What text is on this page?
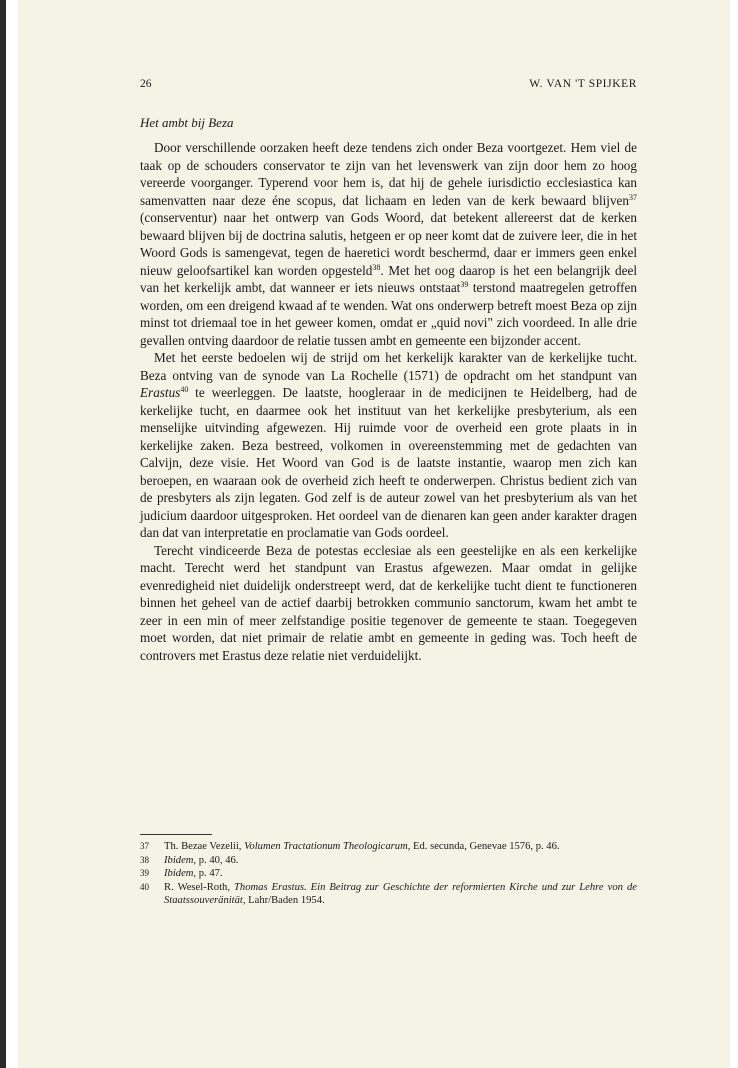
26	W. VAN 'T SPIJKER
Het ambt bij Beza

Door verschillende oorzaken heeft deze tendens zich onder Beza voortgezet. Hem viel de taak op de schouders conservator te zijn van het levenswerk van zijn door hem zo hoog vereerde voorganger. Typerend voor hem is, dat hij de gehele iurisdictio ecclesiastica kan samenvatten naar deze éne scopus, dat lichaam en leden van de kerk bewaard blijven$^{37}$ (conserventur) naar het ontwerp van Gods Woord, dat betekent allereerst dat de kerken bewaard blijven bij de doctrina salutis, hetgeen er op neer komt dat de zuivere leer, die in het Woord Gods is samengevat, tegen de haeretici wordt beschermd, daar er immers geen enkel nieuw geloofsartikel kan worden opgesteld$^{38}$. Met het oog daarop is het een belangrijk deel van het kerkelijk ambt, dat wanneer er iets nieuws ontstaat$^{39}$ terstond maatregelen getroffen worden, om een dreigend kwaad af te wenden. Wat ons onderwerp betreft moest Beza op zijn minst tot driemaal toe in het geweer komen, omdat er „quid novi" zich voordeed. In alle drie gevallen ontving daardoor de relatie tussen ambt en gemeente een bijzonder accent.

Met het eerste bedoelen wij de strijd om het kerkelijk karakter van de kerkelijke tucht. Beza ontving van de synode van La Rochelle (1571) de opdracht om het standpunt van Erastus$^{40}$ te weerleggen. De laatste, hoogleraar in de medicijnen te Heidelberg, had de kerkelijke tucht, en daarmee ook het instituut van het kerkelijke presbyterium, als een menselijke uitvinding afgewezen. Hij ruimde voor de overheid een grote plaats in in kerkelijke zaken. Beza bestreed, volkomen in overeenstemming met de gedachten van Calvijn, deze visie. Het Woord van God is de laatste instantie, waarop men zich kan beroepen, en waaraan ook de overheid zich heeft te onderwerpen. Christus bedient zich van de presbyters als zijn legaten. God zelf is de auteur zowel van het presbyterium als van het judicium daardoor uitgesproken. Het oordeel van de dienaren kan geen ander karakter dragen dan dat van interpretatie en proclamatie van Gods oordeel.

Terecht vindiceerde Beza de potestas ecclesiae als een geestelijke en als een kerkelijke macht. Terecht werd het standpunt van Erastus afgewezen. Maar omdat in gelijke evenredigheid niet duidelijk onderstreept werd, dat de kerkelijke tucht dient te functioneren binnen het geheel van de actief daarbij betrokken communio sanctorum, kwam het ambt te zeer in een min of meer zelfstandige positie tegenover de gemeente te staan. Toegegeven moet worden, dat niet primair de relatie ambt en gemeente in geding was. Toch heeft de controvers met Erastus deze relatie niet verduidelijkt.

37 Th. Bezae Vezelii, Volumen Tractationum Theologicarum, Ed. secunda, Genevae 1576, p. 46.
38 Ibidem, p. 40, 46.
39 Ibidem, p. 47.
40 R. Wesel-Roth, Thomas Erastus. Ein Beitrag zur Geschichte der reformierten Kirche und zur Lehre von de Staatssouveränität, Lahr/Baden 1954.
